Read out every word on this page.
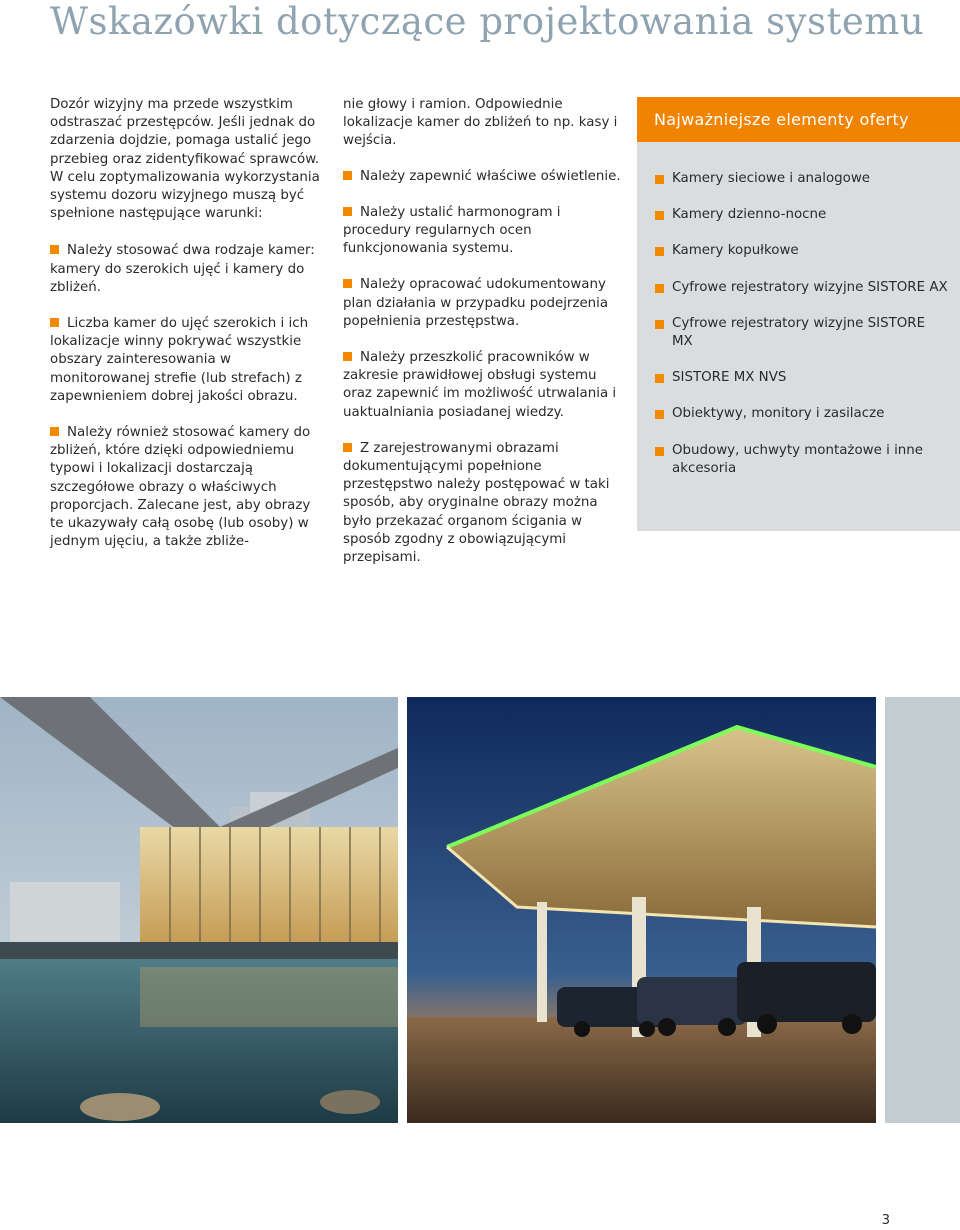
Wskazówki dotyczące projektowania systemu

Dozór wizyjny ma przede wszystkim odstraszać przestępców. Jeśli jednak do zdarzenia dojdzie, pomaga ustalić jego przebieg oraz zidentyfikować sprawców. W celu zoptymalizowania wykorzystania systemu dozoru wizyjnego muszą być spełnione następujące warunki:

Należy stosować dwa rodzaje kamer: kamery do szerokich ujęć i kamery do zbliżeń.
Liczba kamer do ujęć szerokich i ich lokalizacje winny pokrywać wszystkie obszary zainteresowania w monitorowanej strefie (lub strefach) z zapewnieniem dobrej jakości obrazu.
Należy również stosować kamery do zbliżeń, które dzięki odpowiedniemu typowi i lokalizacji dostarczają szczegółowe obrazy o właściwych proporcjach. Zalecane jest, aby obrazy te ukazywały całą osobę (lub osoby) w jednym ujęciu, a także zbliże-

nie głowy i ramion. Odpowiednie lokalizacje kamer do zbliżeń to np. kasy i wejścia.

Należy zapewnić właściwe oświetlenie.
Należy ustalić harmonogram i procedury regularnych ocen funkcjonowania systemu.
Należy opracować udokumentowany plan działania w przypadku podejrzenia popełnienia przestępstwa.
Należy przeszkolić pracowników w zakresie prawidłowej obsługi systemu oraz zapewnić im możliwość utrwalania i uaktualniania posiadanej wiedzy.
Z zarejestrowanymi obrazami dokumentującymi popełnione przestępstwo należy postępować w taki sposób, aby oryginalne obrazy można było przekazać organom ścigania w sposób zgodny z obowiązującymi przepisami.
Najważniejsze elementy oferty
Kamery sieciowe i analogowe
Kamery dzienno-nocne
Kamery kopułkowe
Cyfrowe rejestratory wizyjne SISTORE AX
Cyfrowe rejestratory wizyjne SISTORE MX
SISTORE MX NVS
Obiektywy, monitory i zasilacze
Obudowy, uchwyty montażowe i inne akcesoria
3
